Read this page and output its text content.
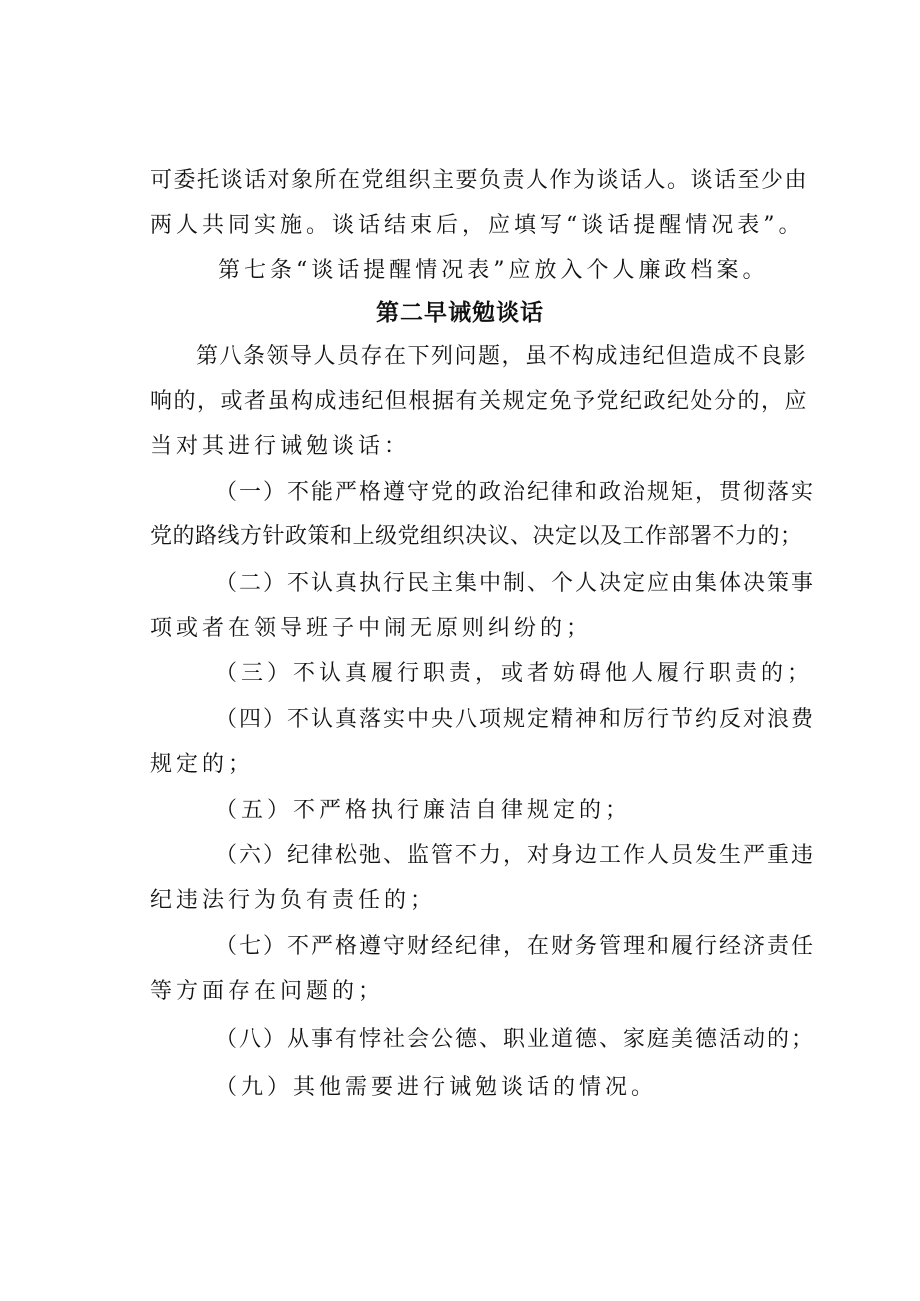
可委托谈话对象所在党组织主要负责人作为谈话人。谈话至少由
两人共同实施。谈话结束后，应填写“谈话提醒情况表”。
第七条“谈话提醒情况表”应放入个人廉政档案。
第二早诫勉谈话
第八条领导人员存在下列问题，虽不构成违纪但造成不良影
响的，或者虽构成违纪但根据有关规定免予党纪政纪处分的，应
当对其进行诫勉谈话：
（一）不能严格遵守党的政治纪律和政治规矩，贯彻落实
党的路线方针政策和上级党组织决议、决定以及工作部署不力的；
（二）不认真执行民主集中制、个人决定应由集体决策事
项或者在领导班子中闹无原则纠纷的；
（三）不认真履行职责，或者妨碍他人履行职责的；
（四）不认真落实中央八项规定精神和厉行节约反对浪费
规定的；
（五）不严格执行廉洁自律规定的；
（六）纪律松弛、监管不力，对身边工作人员发生严重违
纪违法行为负有责任的；
（七）不严格遵守财经纪律，在财务管理和履行经济责任
等方面存在问题的；
（八）从事有悖社会公德、职业道德、家庭美德活动的；
（九）其他需要进行诫勉谈话的情况。
